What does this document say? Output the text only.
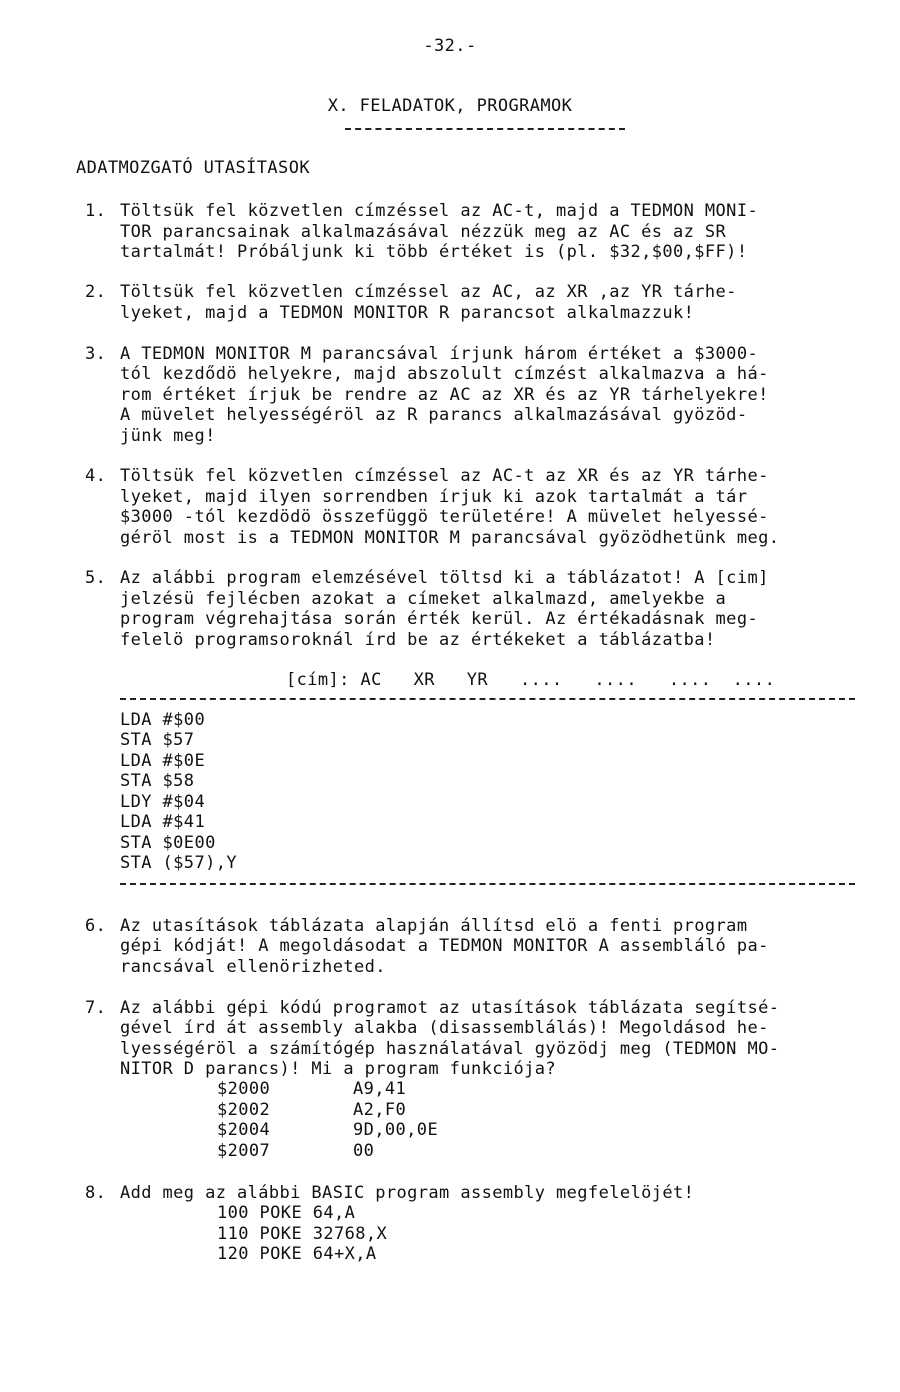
-32.-
X. FELADATOK, PROGRAMOK
ADATMOZGATÓ UTASÍTASOK
1. Töltsük fel közvetlen címzéssel az AC-t, majd a TEDMON MONI-
TOR parancsainak alkalmazásával nézzük meg az AC és az SR
tartalmát! Próbáljunk ki több értéket is (pl. $32,$00,$FF)!
2. Töltsük fel közvetlen címzéssel az AC, az XR ,az YR tárhe-
lyeket, majd a TEDMON MONITOR R parancsot alkalmazzuk!
3. A TEDMON MONITOR M parancsával írjunk három értéket a $3000-
tól kezdődö helyekre, majd abszolult címzést alkalmazva a há-
rom értéket írjuk be rendre az AC az XR és az YR tárhelyekre!
A müvelet helyességéröl az R parancs alkalmazásával gyözöd-
jünk meg!
4. Töltsük fel közvetlen címzéssel az AC-t az XR és az YR tárhe-
lyeket, majd ilyen sorrendben írjuk ki azok tartalmát a tár
$3000 -tól kezdödö összefüggö területére! A müvelet helyessé-
géröl most is a TEDMON MONITOR M parancsával gyözödhetünk meg.
5. Az alábbi program elemzésével töltsd ki a táblázatot! A [cim]
jelzésü fejlécben azokat a címeket alkalmazd, amelyekbe a
program végrehajtása során érték kerül. Az értékadásnak meg-
felelö programsoroknál írd be az értékeket a táblázatba!
[cím]: AC   XR   YR   ....   ....   ....  ....
LDA #$00
STA $57
LDA #$0E
STA $58
LDY #$04
LDA #$41
STA $0E00
STA ($57),Y
6. Az utasítások táblázata alapján állítsd elö a fenti program
gépi kódját! A megoldásodat a TEDMON MONITOR A assembláló pa-
rancsával ellenörizheted.
7. Az alábbi gépi kódú programot az utasítások táblázata segítsé-
gével írd át assembly alakba (disassemblálás)! Megoldásod he-
lyességéröl a számítógép használatával gyözödj meg (TEDMON MO-
NITOR D parancs)! Mi a program funkciója?
$2000	A9,41
$2002	A2,F0
$2004	9D,00,0E
$2007	00
8. Add meg az alábbi BASIC program assembly megfelelöjét!
100 POKE 64,A
110 POKE 32768,X
120 POKE 64+X,A
